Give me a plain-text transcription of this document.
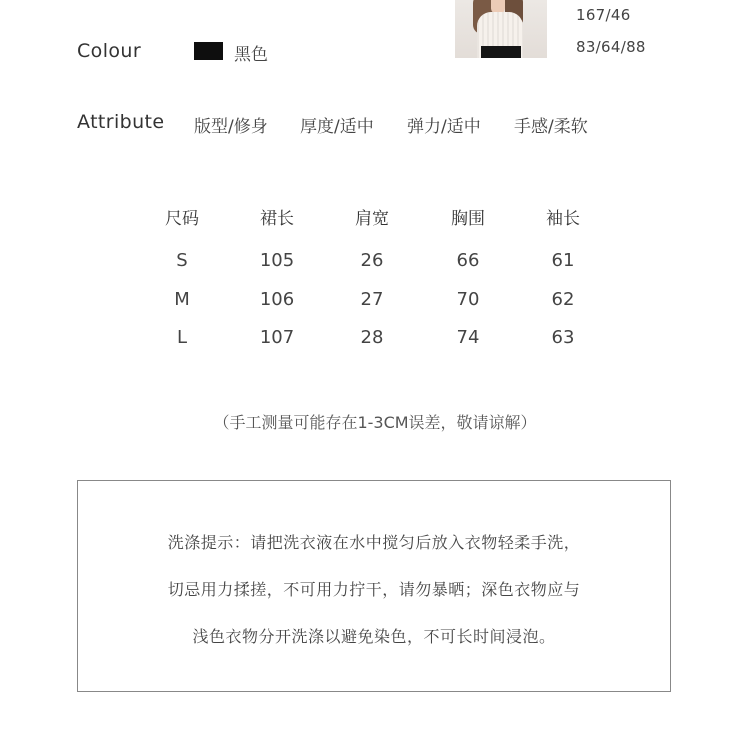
167/46
83/64/88
Colour	黑色
Attribute 版型/修身 厚度/适中 弹力/适中 手感/柔软
尺码	裙长	肩宽	胸围	袖长
S	105	26	66	61
M	106	27	70	62
L	107	28	74	63
（手工测量可能存在1-3CM误差，敬请谅解）
洗涤提示：请把洗衣液在水中搅匀后放入衣物轻柔手洗，
切忌用力揉搓，不可用力拧干，请勿暴晒；深色衣物应与
浅色衣物分开洗涤以避免染色，不可长时间浸泡。
